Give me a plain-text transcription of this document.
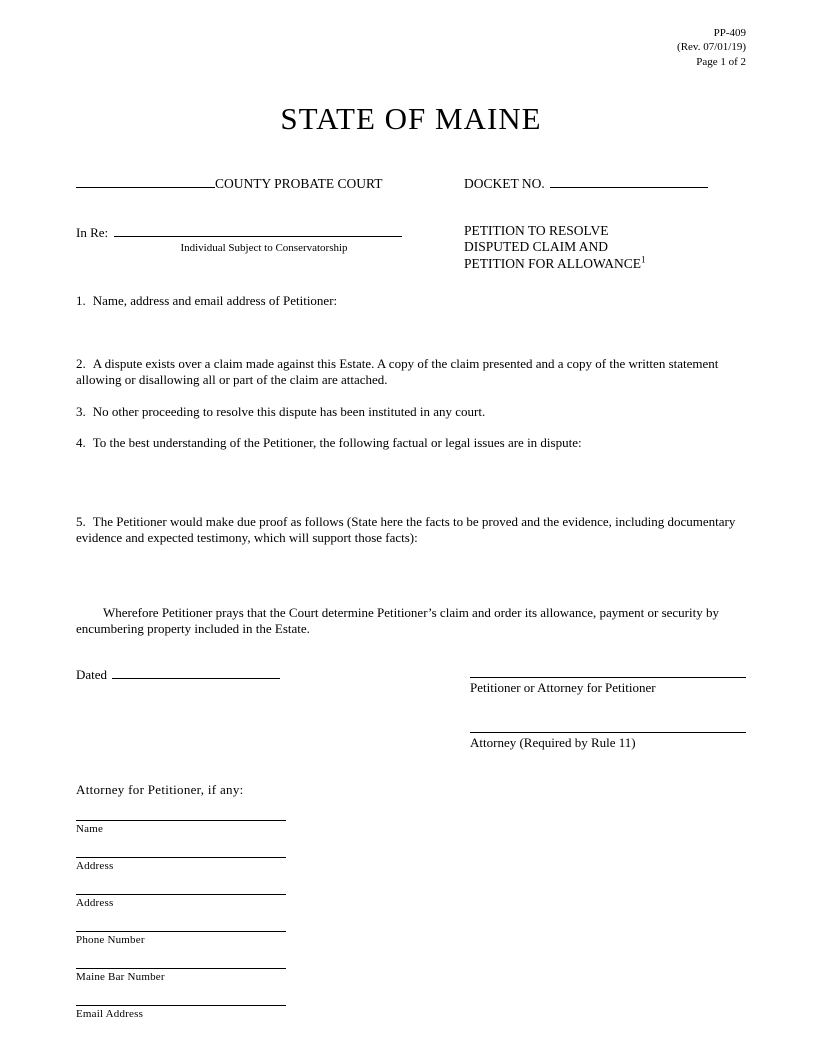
PP-409
(Rev. 07/01/19)
Page 1 of 2
STATE OF MAINE
COUNTY PROBATE COURT	DOCKET NO.
In Re:
Individual Subject to Conservatorship
PETITION TO RESOLVE
DISPUTED CLAIM AND
PETITION FOR ALLOWANCE$^1$

1. Name, address and email address of Petitioner:

2. A dispute exists over a claim made against this Estate. A copy of the claim presented and a copy of the written statement allowing or disallowing all or part of the claim are attached.

3. No other proceeding to resolve this dispute has been instituted in any court.

4. To the best understanding of the Petitioner, the following factual or legal issues are in dispute:

5. The Petitioner would make due proof as follows (State here the facts to be proved and the evidence, including documentary evidence and expected testimony, which will support those facts):

Wherefore Petitioner prays that the Court determine Petitioner’s claim and order its allowance, payment or security by encumbering property included in the Estate.

Dated
Petitioner or Attorney for Petitioner
Attorney (Required by Rule 11)
Attorney for Petitioner, if any:
Name
Address
Address
Phone Number
Maine Bar Number
Email Address
